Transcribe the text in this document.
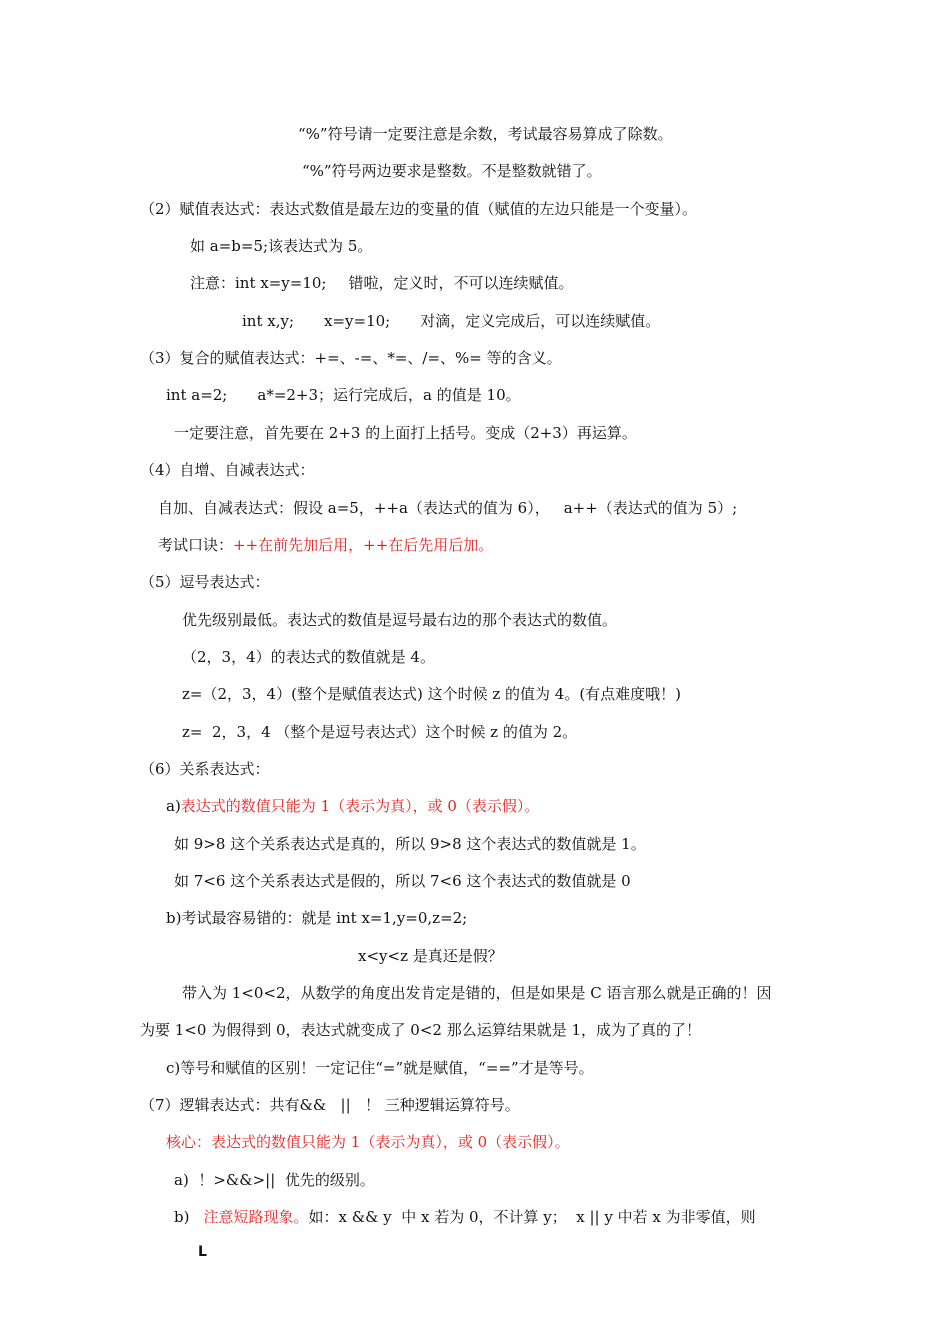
“%”符号请一定要注意是余数，考试最容易算成了除数。
“%”符号两边要求是整数。不是整数就错了。
（2）赋值表达式：表达式数值是最左边的变量的值（赋值的左边只能是一个变量）。
如 a=b=5;该表达式为 5。
注意：int x=y=10; 错啦，定义时，不可以连续赋值。
int x,y; x=y=10; 对滴，定义完成后，可以连续赋值。
（3）复合的赋值表达式：+=、-=、*=、/=、%= 等的含义。
int a=2; a*=2+3；运行完成后，a 的值是 10。
一定要注意，首先要在 2+3 的上面打上括号。变成（2+3）再运算。
（4）自增、自减表达式：
自加、自减表达式：假设 a=5，++a（表达式的值为 6）， a++（表达式的值为 5）;
考试口诀：++在前先加后用，++在后先用后加。
（5）逗号表达式：
优先级别最低。表达式的数值是逗号最右边的那个表达式的数值。
（2，3，4）的表达式的数值就是 4。
z=（2，3，4）(整个是赋值表达式) 这个时候 z 的值为 4。(有点难度哦！)
z=  2，3，4 （整个是逗号表达式）这个时候 z 的值为 2。
（6）关系表达式：
a)表达式的数值只能为 1（表示为真），或 0（表示假）。
如 9>8 这个关系表达式是真的，所以 9>8 这个表达式的数值就是 1。
如 7<6 这个关系表达式是假的，所以 7<6 这个表达式的数值就是 0
b)考试最容易错的：就是 int x=1,y=0,z=2;
x<y<z 是真还是假？
带入为 1<0<2，从数学的角度出发肯定是错的，但是如果是 C 语言那么就是正确的！因
为要 1<0 为假得到 0，表达式就变成了 0<2 那么运算结果就是 1，成为了真的了！
c)等号和赋值的区别！一定记住“=”就是赋值，“==”才是等号。
（7）逻辑表达式：共有&&   ||   ！ 三种逻辑运算符号。
核心：表达式的数值只能为 1（表示为真），或 0（表示假）。
a)  ！>&&>||  优先的级别。
b) 注意短路现象。如：x && y  中 x 若为 0，不计算 y；  x || y 中若 x 为非零值，则
L
